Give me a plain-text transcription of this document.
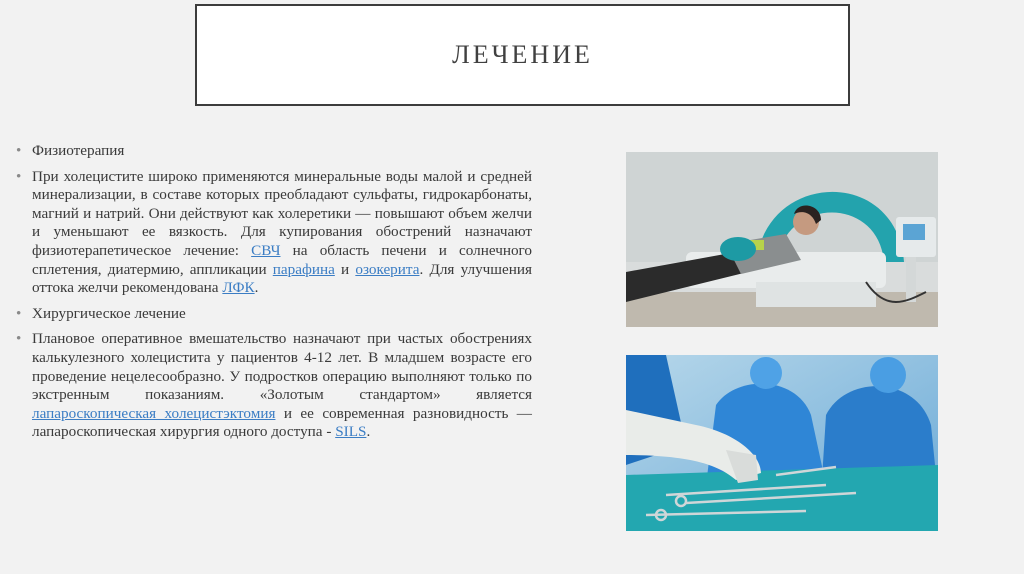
ЛЕЧЕНИЕ
• Физиотерапия
• При холецистите широко применяются минеральные воды малой и средней минерализации, в составе которых преобладают сульфаты, гидрокарбонаты, магний и натрий. Они действуют как холеретики — повышают объем желчи и уменьшают ее вязкость. Для купирования обострений назначают физиотерапетическое лечение: СВЧ на область печени и солнечного сплетения, диатермию, аппликации парафина и озокерита. Для улучшения оттока желчи рекомендована ЛФК.
• Хирургическое лечение
• Плановое оперативное вмешательство назначают при частых обострениях калькулезного холецистита у пациентов 4-12 лет. В младшем возрасте его проведение нецелесообразно. У подростков операцию выполняют только по экстренным показаниям. «Золотым стандартом» является лапароскопическая холецистэктомия и ее современная разновидность — лапароскопическая хирургия одного доступа - SILS.
